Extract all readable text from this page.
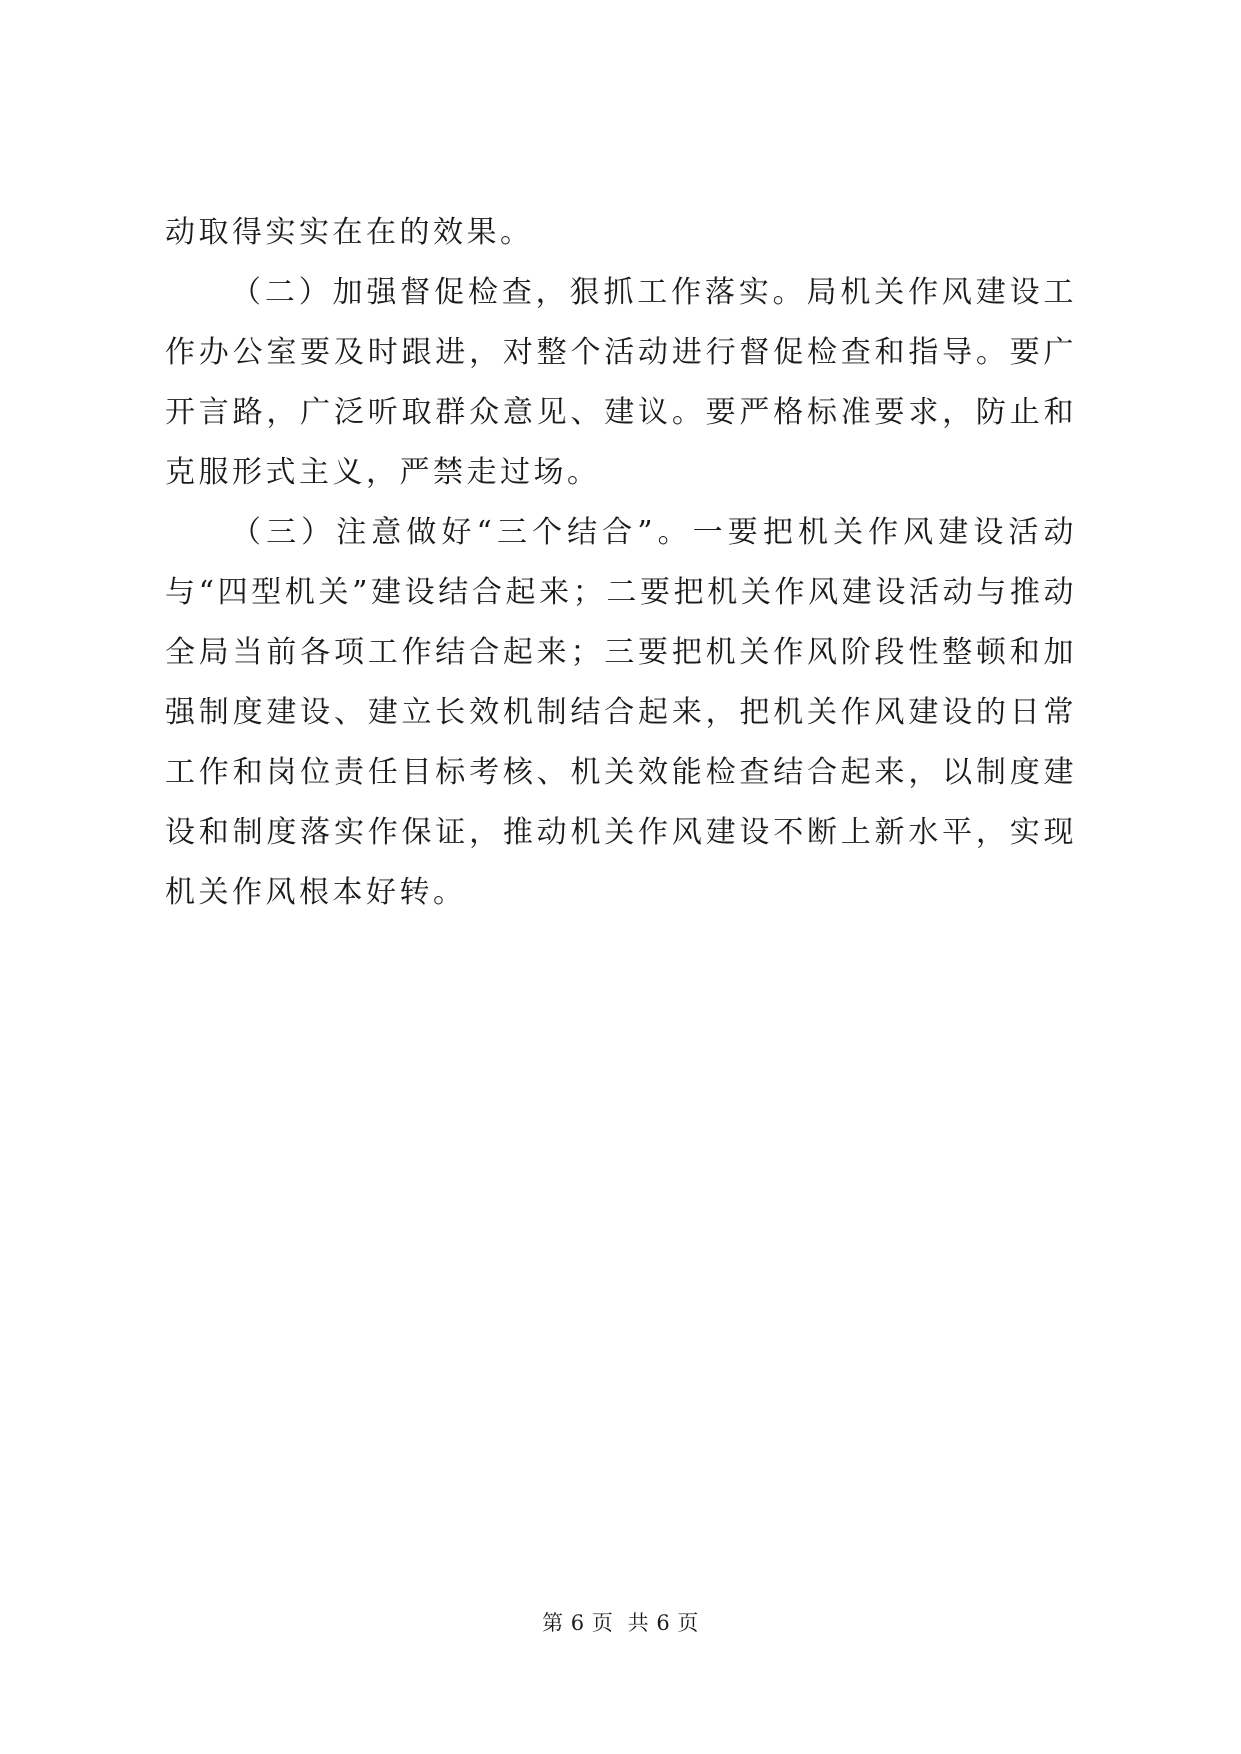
动取得实实在在的效果。

（二）加强督促检查，狠抓工作落实。局机关作风建设工作办公室要及时跟进，对整个活动进行督促检查和指导。要广开言路，广泛听取群众意见、建议。要严格标准要求，防止和克服形式主义，严禁走过场。

（三）注意做好“三个结合”。一要把机关作风建设活动与“四型机关”建设结合起来；二要把机关作风建设活动与推动全局当前各项工作结合起来；三要把机关作风阶段性整顿和加强制度建设、建立长效机制结合起来，把机关作风建设的日常工作和岗位责任目标考核、机关效能检查结合起来，以制度建设和制度落实作保证，推动机关作风建设不断上新水平，实现机关作风根本好转。

第 6 页  共 6 页
